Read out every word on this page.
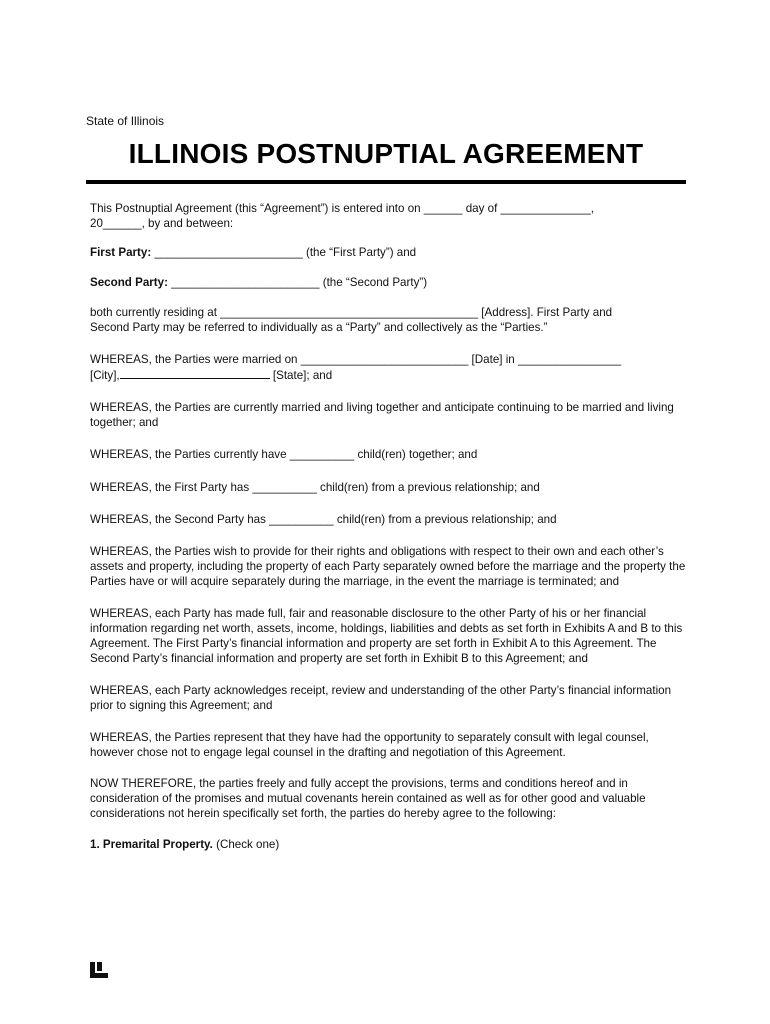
State of Illinois
ILLINOIS POSTNUPTIAL AGREEMENT

This Postnuptial Agreement (this “Agreement”) is entered into on ______ day of ______________,
20______, by and between:

First Party: _______________________ (the “First Party”) and

Second Party: _______________________ (the “Second Party”)

both currently residing at ________________________________________ [Address]. First Party and
Second Party may be referred to individually as a “Party” and collectively as the “Parties.”

WHEREAS, the Parties were married on __________________________ [Date] in ________________
[City],	[State]; and

WHEREAS, the Parties are currently married and living together and anticipate continuing to be married and living together; and

WHEREAS, the Parties currently have __________ child(ren) together; and

WHEREAS, the First Party has __________ child(ren) from a previous relationship; and

WHEREAS, the Second Party has __________ child(ren) from a previous relationship; and

WHEREAS, the Parties wish to provide for their rights and obligations with respect to their own and each other’s assets and property, including the property of each Party separately owned before the marriage and the property the Parties have or will acquire separately during the marriage, in the event the marriage is terminated; and

WHEREAS, each Party has made full, fair and reasonable disclosure to the other Party of his or her financial information regarding net worth, assets, income, holdings, liabilities and debts as set forth in Exhibits A and B to this Agreement. The First Party’s financial information and property are set forth in Exhibit A to this Agreement. The Second Party’s financial information and property are set forth in Exhibit B to this Agreement; and

WHEREAS, each Party acknowledges receipt, review and understanding of the other Party’s financial information prior to signing this Agreement; and

WHEREAS, the Parties represent that they have had the opportunity to separately consult with legal counsel, however chose not to engage legal counsel in the drafting and negotiation of this Agreement.

NOW THEREFORE, the parties freely and fully accept the provisions, terms and conditions hereof and in consideration of the promises and mutual covenants herein contained as well as for other good and valuable considerations not herein specifically set forth, the parties do hereby agree to the following:

1. Premarital Property. (Check one)
